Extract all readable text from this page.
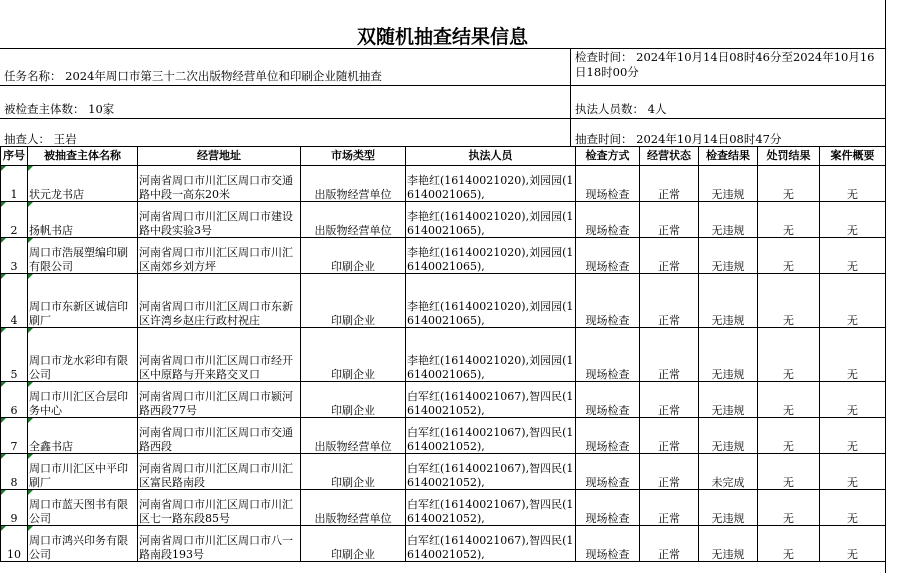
双随机抽查结果信息
任务名称： 2024年周口市第三十二次出版物经营单位和印刷企业随机抽查
检查时间： 2024年10月14日08时46分至2024年10月16日18时00分
被检查主体数： 10家	执法人员数： 4人
抽查人： 王岩	抽查时间： 2024年10月14日08时47分
序号	被抽查主体名称	经营地址	市场类型	执法人员	检查方式	经营状态	检查结果	处罚结果	案件概要
1	状元龙书店	河南省周口市川汇区周口市交通路中段一高东20米	出版物经营单位	李艳红(16140021020),刘园园(16140021065),	现场检查	正常	无违规	无	无
2	扬帆书店	河南省周口市川汇区周口市建设路中段实验3号	出版物经营单位	李艳红(16140021020),刘园园(16140021065),	现场检查	正常	无违规	无	无
3	周口市浩展塑编印刷有限公司	河南省周口市川汇区周口市川汇区南郊乡刘方坪	印刷企业	李艳红(16140021020),刘园园(16140021065),	现场检查	正常	无违规	无	无
4	周口市东新区诚信印刷厂	河南省周口市川汇区周口市东新区许湾乡赵庄行政村祝庄	印刷企业	李艳红(16140021020),刘园园(16140021065),	现场检查	正常	无违规	无	无
5	周口市龙水彩印有限公司	河南省周口市川汇区周口市经开区中原路与开来路交叉口	印刷企业	李艳红(16140021020),刘园园(16140021065),	现场检查	正常	无违规	无	无
6	周口市川汇区合层印务中心	河南省周口市川汇区周口市颍河路西段77号	印刷企业	白军红(16140021067),智四民(16140021052),	现场检查	正常	无违规	无	无
7	全鑫书店	河南省周口市川汇区周口市交通路西段	出版物经营单位	白军红(16140021067),智四民(16140021052),	现场检查	正常	无违规	无	无
8	周口市川汇区中平印刷厂	河南省周口市川汇区周口市川汇区富民路南段	印刷企业	白军红(16140021067),智四民(16140021052),	现场检查	正常	未完成	无	无
9	周口市蓝天图书有限公司	河南省周口市川汇区周口市川汇区七一路东段85号	出版物经营单位	白军红(16140021067),智四民(16140021052),	现场检查	正常	无违规	无	无
10	周口市鸿兴印务有限公司	河南省周口市川汇区周口市八一路南段193号	印刷企业	白军红(16140021067),智四民(16140021052),	现场检查	正常	无违规	无	无
